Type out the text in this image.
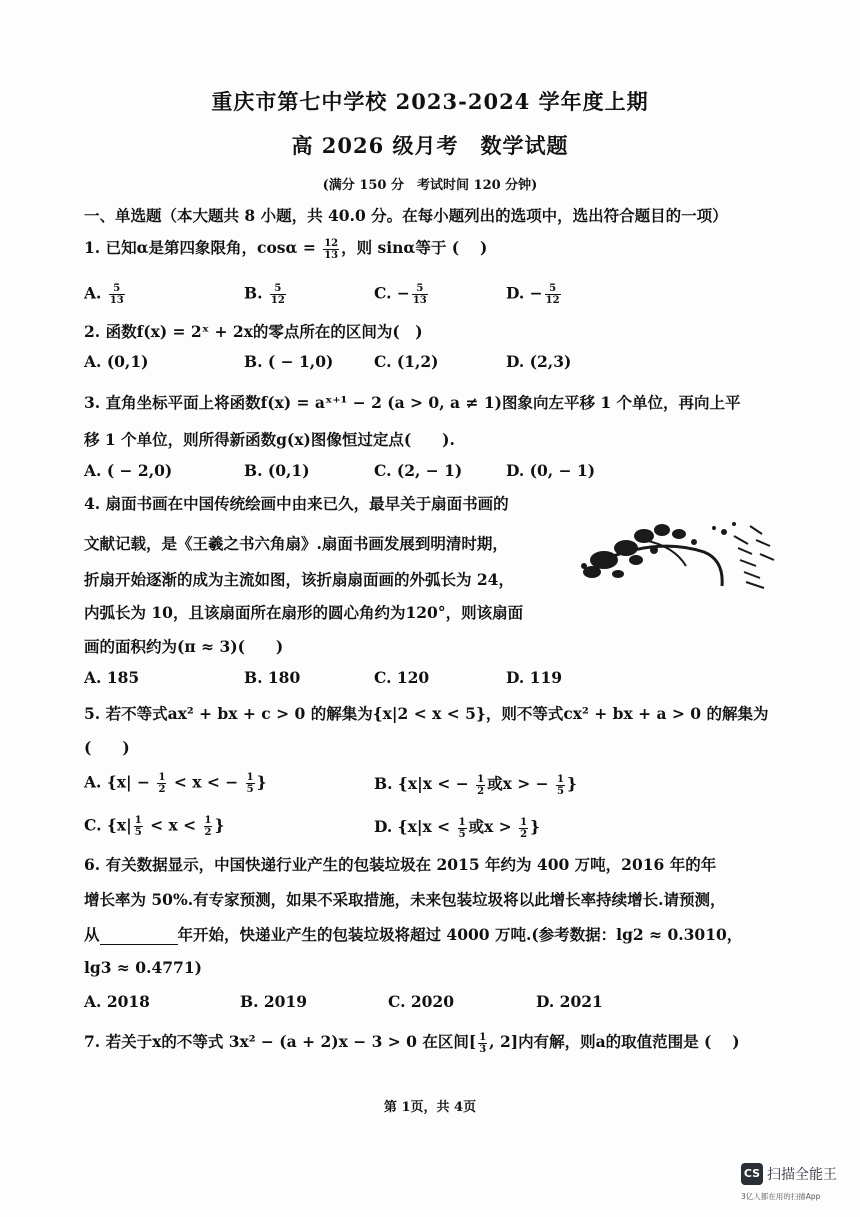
重庆市第七中学校 2023-2024 学年度上期
高 2026 级月考　数学试题
(满分 150 分　考试时间 120 分钟)
一、单选题（本大题共 8 小题，共 40.0 分。在每小题列出的选项中，选出符合题目的一项）
1. 已知α是第四象限角，$\cos\alpha = \frac{12}{13}$ ，则 sinα等于 (　 )
A. $\frac{5}{13}$	B. $\frac{5}{12}$	C. − $\frac{5}{13}$	D. − $\frac{5}{12}$
2. 函数f(x) = 2ˣ + 2x的零点所在的区间为(　)
A. (0,1)	B. ( − 1,0)	C. (1,2)	D. (2,3)
3. 直角坐标平面上将函数f(x) = aˣ⁺¹ − 2 (a > 0, a ≠ 1)图象向左平移 1 个单位，再向上平
移 1 个单位，则所得新函数g(x)图像恒过定点(　　).
A. ( − 2,0)	B. (0,1)	C. (2, − 1)	D. (0, − 1)
4. 扇面书画在中国传统绘画中由来已久，最早关于扇面书画的
文献记载，是《王羲之书六角扇》.扇面书画发展到明清时期，
折扇开始逐渐的成为主流如图，该折扇扇面画的外弧长为 24，
内弧长为 10，且该扇面所在扇形的圆心角约为120°，则该扇面
画的面积约为(π ≈ 3)(　　)
A. 185	B. 180	C. 120	D. 119
5. 若不等式ax² + bx + c > 0 的解集为{x|2 < x < 5}，则不等式cx² + bx + a > 0 的解集为
(　　)
A. {$x| - \frac{1}{2} < x$ < − $\frac{1}{5}$ }	B. {x|x < − $\frac{1}{2}$ 或x > − $\frac{1}{5}$ }
C. {$x| \frac{1}{5} < x < \frac{1}{2}$ }	D. {$x|x < \frac{1}{5}$ 或$x > \frac{1}{2}$ }
6. 有关数据显示，中国快递行业产生的包装垃圾在 2015 年约为 400 万吨，2016 年的年
增长率为 50%.有专家预测，如果不采取措施，未来包装垃圾将以此增长率持续增长.请预测，
从	年开始，快递业产生的包装垃圾将超过 4000 万吨.(参考数据：lg2 ≈ 0.3010，
lg3 ≈ 0.4771)
A. 2018	B. 2019	C. 2020	D. 2021
7. 若关于x的不等式 3x² − (a + 2)x − 3 > 0 在区间[ $\frac{1}{3}$ , 2]内有解，则a的取值范围是 (　 )
第 1页，共 4页
CS 扫描全能王
3亿人都在用的扫描App
